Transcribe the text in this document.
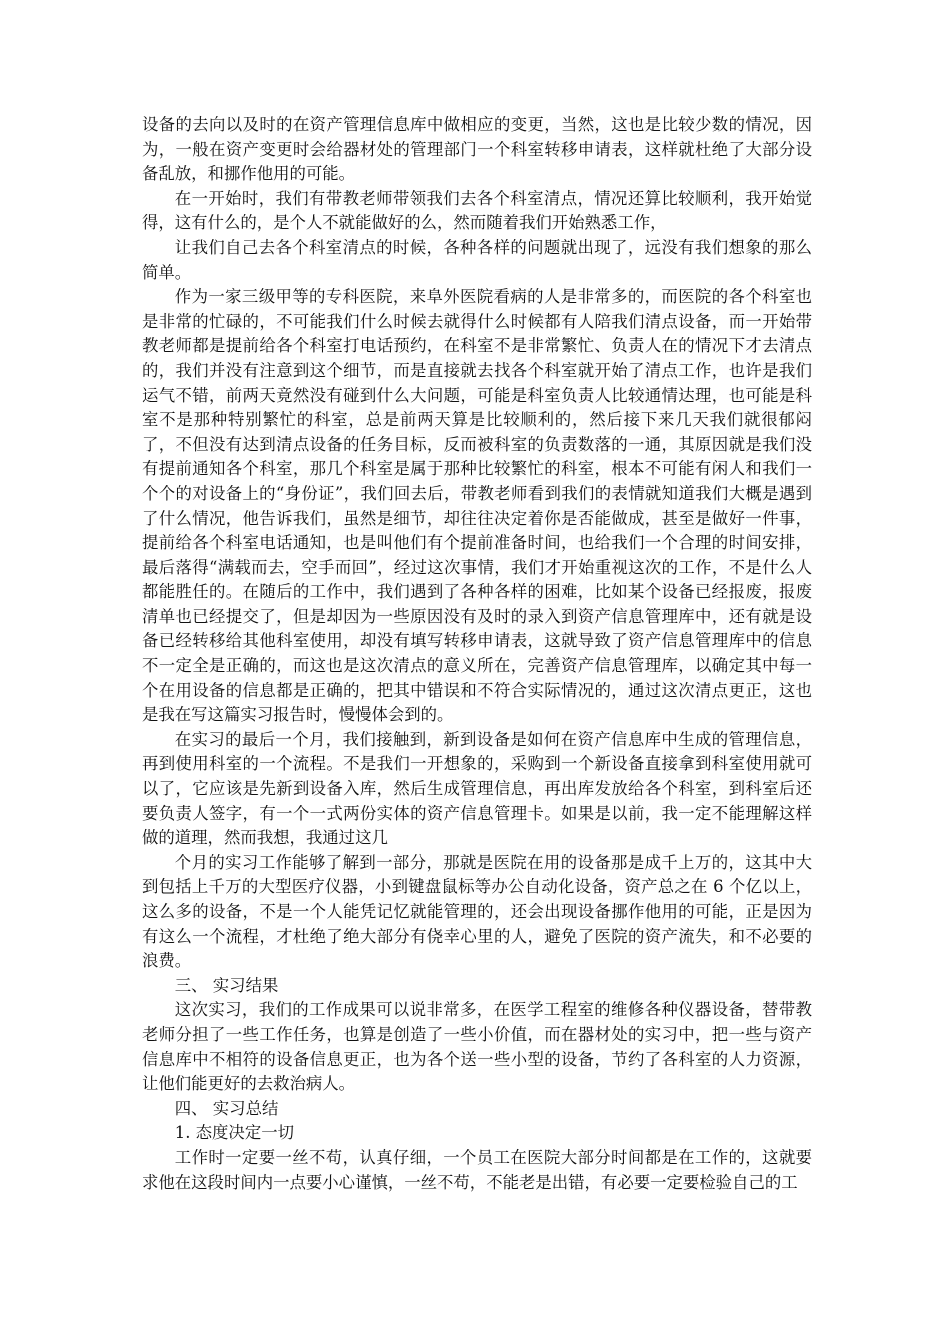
设备的去向以及时的在资产管理信息库中做相应的变更，当然，这也是比较少数的情况，因为，一般在资产变更时会给器材处的管理部门一个科室转移申请表，这样就杜绝了大部分设备乱放，和挪作他用的可能。

在一开始时，我们有带教老师带领我们去各个科室清点，情况还算比较顺利，我开始觉得，这有什么的，是个人不就能做好的么，然而随着我们开始熟悉工作，

让我们自己去各个科室清点的时候，各种各样的问题就出现了，远没有我们想象的那么简单。

作为一家三级甲等的专科医院，来阜外医院看病的人是非常多的，而医院的各个科室也是非常的忙碌的，不可能我们什么时候去就得什么时候都有人陪我们清点设备，而一开始带教老师都是提前给各个科室打电话预约，在科室不是非常繁忙、负责人在的情况下才去清点的，我们并没有注意到这个细节，而是直接就去找各个科室就开始了清点工作，也许是我们运气不错，前两天竟然没有碰到什么大问题，可能是科室负责人比较通情达理，也可能是科室不是那种特别繁忙的科室，总是前两天算是比较顺利的，然后接下来几天我们就很郁闷了，不但没有达到清点设备的任务目标，反而被科室的负责数落的一通，其原因就是我们没有提前通知各个科室，那几个科室是属于那种比较繁忙的科室，根本不可能有闲人和我们一个个的对设备上的“身份证”，我们回去后，带教老师看到我们的表情就知道我们大概是遇到了什么情况，他告诉我们，虽然是细节，却往往决定着你是否能做成，甚至是做好一件事，提前给各个科室电话通知，也是叫他们有个提前准备时间，也给我们一个合理的时间安排，最后落得“满载而去，空手而回”，经过这次事情，我们才开始重视这次的工作，不是什么人都能胜任的。在随后的工作中，我们遇到了各种各样的困难，比如某个设备已经报废，报废清单也已经提交了，但是却因为一些原因没有及时的录入到资产信息管理库中，还有就是设备已经转移给其他科室使用，却没有填写转移申请表，这就导致了资产信息管理库中的信息不一定全是正确的，而这也是这次清点的意义所在，完善资产信息管理库，以确定其中每一个在用设备的信息都是正确的，把其中错误和不符合实际情况的，通过这次清点更正，这也是我在写这篇实习报告时，慢慢体会到的。

在实习的最后一个月，我们接触到，新到设备是如何在资产信息库中生成的管理信息，再到使用科室的一个流程。不是我们一开想象的，采购到一个新设备直接拿到科室使用就可以了，它应该是先新到设备入库，然后生成管理信息，再出库发放给各个科室，到科室后还要负责人签字，有一个一式两份实体的资产信息管理卡。如果是以前，我一定不能理解这样做的道理，然而我想，我通过这几

个月的实习工作能够了解到一部分，那就是医院在用的设备那是成千上万的，这其中大到包括上千万的大型医疗仪器，小到键盘鼠标等办公自动化设备，资产总之在 6 个亿以上，这么多的设备，不是一个人能凭记忆就能管理的，还会出现设备挪作他用的可能，正是因为有这么一个流程，才杜绝了绝大部分有侥幸心里的人，避免了医院的资产流失，和不必要的浪费。

三、 实习结果

这次实习，我们的工作成果可以说非常多，在医学工程室的维修各种仪器设备，替带教老师分担了一些工作任务，也算是创造了一些小价值，而在器材处的实习中，把一些与资产信息库中不相符的设备信息更正，也为各个送一些小型的设备，节约了各科室的人力资源，让他们能更好的去救治病人。

四、 实习总结

1. 态度决定一切

工作时一定要一丝不苟，认真仔细，一个员工在医院大部分时间都是在工作的，这就要求他在这段时间内一点要小心谨慎，一丝不苟，不能老是出错，有必要一定要检验自己的工
